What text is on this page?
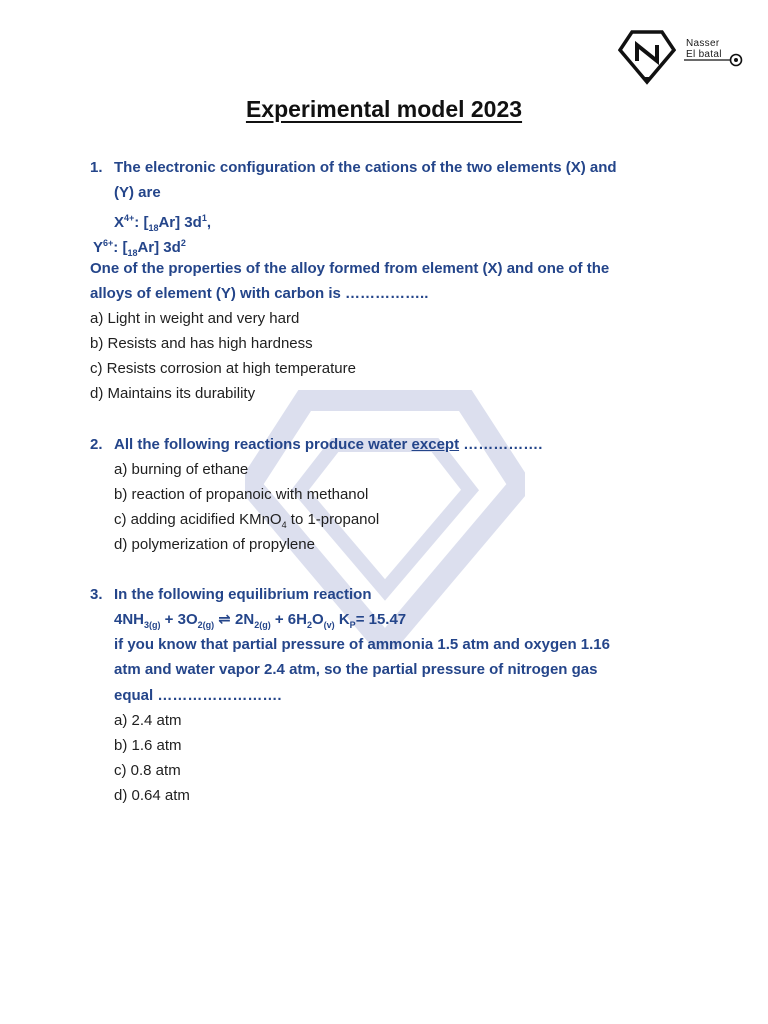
Nasser
El batal
Experimental model 2023
1. The electronic configuration of the cations of the two elements (X) and
(Y) are
$X^{4+}$: $[_{18}Ar]$ $3d^1$,
$Y^{6+}$: $[_{18}Ar]$ $3d^2$
One of the properties of the alloy formed from element (X) and one of the
alloys of element (Y) with carbon is ……………..
a) Light in weight and very hard
b) Resists and has high hardness
c) Resists corrosion at high temperature
d) Maintains its durability
2. All the following reactions produce water except …………….
a) burning of ethane
b) reaction of propanoic with methanol
c) adding acidified KMnO$_4$ to 1-propanol
d) polymerization of propylene
3. In the following equilibrium reaction
$4NH_{3(g)} + 3O_{2(g)}$ ⇌ $2N_{2(g)} + 6H_2O_{(v)}$ $K_P= 15.47$
if you know that partial pressure of ammonia 1.5 atm and oxygen 1.16
atm and water vapor 2.4 atm, so the partial pressure of nitrogen gas
equal …………………….
a) 2.4 atm
b) 1.6 atm
c) 0.8 atm
d) 0.64 atm
